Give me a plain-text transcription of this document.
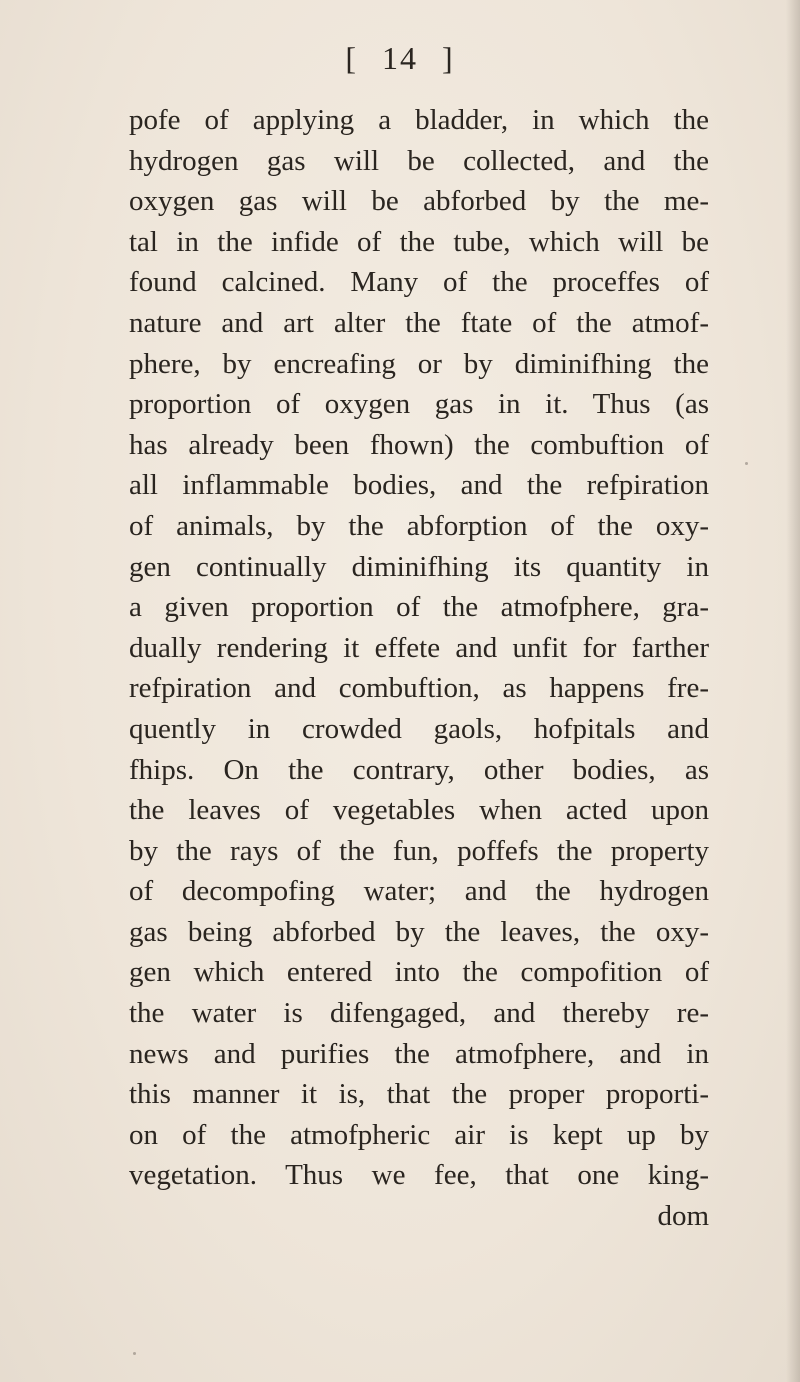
[ 14 ]
pofe of applying a bladder, in which the
hydrogen gas will be collected, and the
oxygen gas will be abforbed by the me-
tal in the infide of the tube, which will be
found calcined. Many of the proceffes of
nature and art alter the ftate of the atmof-
phere, by encreafing or by diminifhing the
proportion of oxygen gas in it. Thus (as
has already been fhown) the combuftion of
all inflammable bodies, and the refpiration
of animals, by the abforption of the oxy-
gen continually diminifhing its quantity in
a given proportion of the atmofphere, gra-
dually rendering it effete and unfit for farther
refpiration and combuftion, as happens fre-
quently in crowded gaols, hofpitals and
fhips. On the contrary, other bodies, as
the leaves of vegetables when acted upon
by the rays of the fun, poffefs the property
of decompofing water; and the hydrogen
gas being abforbed by the leaves, the oxy-
gen which entered into the compofition of
the water is difengaged, and thereby re-
news and purifies the atmofphere, and in
this manner it is, that the proper proporti-
on of the atmofpheric air is kept up by
vegetation. Thus we fee, that one king-
dom
